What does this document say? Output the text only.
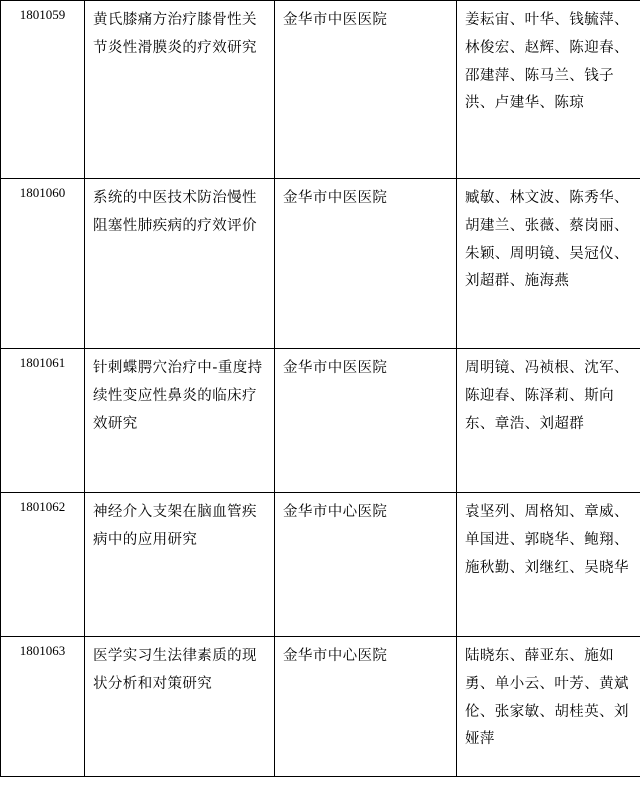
1801059	黄氏膝痛方治疗膝骨性关节炎性滑膜炎的疗效研究	金华市中医医院	姜耘宙、叶华、钱毓萍、林俊宏、赵辉、陈迎春、邵建萍、陈马兰、钱子洪、卢建华、陈琼

1801060	系统的中医技术防治慢性阻塞性肺疾病的疗效评价	金华市中医医院	臧敏、林文波、陈秀华、胡建兰、张薇、蔡岗丽、朱颖、周明镜、吴冠仪、刘超群、施海燕

1801061	针刺蝶腭穴治疗中-重度持续性变应性鼻炎的临床疗效研究	金华市中医医院	周明镜、冯祯根、沈军、陈迎春、陈泽莉、斯向东、章浩、刘超群

1801062	神经介入支架在脑血管疾病中的应用研究	金华市中心医院	袁坚列、周格知、章威、单国进、郭晓华、鲍翔、施秋勤、刘继红、吴晓华

1801063	医学实习生法律素质的现状分析和对策研究	金华市中心医院	陆晓东、薛亚东、施如勇、单小云、叶芳、黄斌伦、张家敏、胡桂英、刘娅萍
